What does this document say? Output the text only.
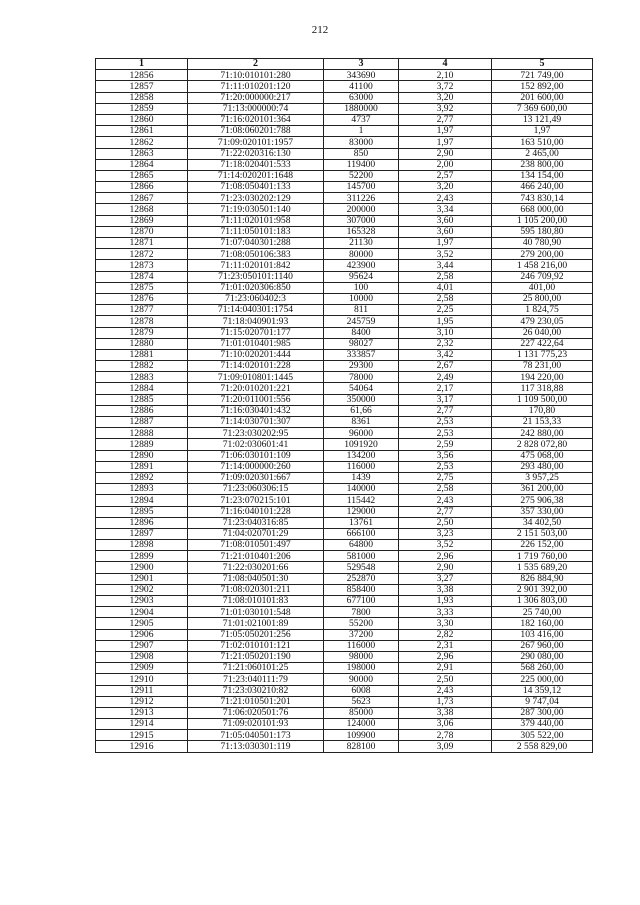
212
1	2	3	4	5
12856	71:10:010101:280	343690	2,10	721 749,00
12857	71:11:010201:120	41100	3,72	152 892,00
12858	71:20:000000:217	63000	3,20	201 600,00
12859	71:13:000000:74	1880000	3,92	7 369 600,00
12860	71:16:020101:364	4737	2,77	13 121,49
12861	71:08:060201:788	1	1,97	1,97
12862	71:09:020101:1957	83000	1,97	163 510,00
12863	71:22:020316:130	850	2,90	2 465,00
12864	71:18:020401:533	119400	2,00	238 800,00
12865	71:14:020201:1648	52200	2,57	134 154,00
12866	71:08:050401:133	145700	3,20	466 240,00
12867	71:23:030202:129	311226	2,43	743 830,14
12868	71:19:030501:140	200000	3,34	668 000,00
12869	71:11:020101:958	307000	3,60	1 105 200,00
12870	71:11:050101:183	165328	3,60	595 180,80
12871	71:07:040301:288	21130	1,97	40 780,90
12872	71:08:050106:383	80000	3,52	279 200,00
12873	71:11:020101:842	423900	3,44	1 458 216,00
12874	71:23:050101:1140	95624	2,58	246 709,92
12875	71:01:020306:850	100	4,01	401,00
12876	71:23:060402:3	10000	2,58	25 800,00
12877	71:14:040301:1754	811	2,25	1 824,75
12878	71:18:040901:93	245759	1,95	479 230,05
12879	71:15:020701:177	8400	3,10	26 040,00
12880	71:01:010401:985	98027	2,32	227 422,64
12881	71:10:020201:444	333857	3,42	1 131 775,23
12882	71:14:020101:228	29300	2,67	78 231,00
12883	71:09:010801:1445	78000	2,49	194 220,00
12884	71:20:010201:221	54064	2,17	117 318,88
12885	71:20:011001:556	350000	3,17	1 109 500,00
12886	71:16:030401:432	61,66	2,77	170,80
12887	71:14:030701:307	8361	2,53	21 153,33
12888	71:23:030202:95	96000	2,53	242 880,00
12889	71:02:030601:41	1091920	2,59	2 828 072,80
12890	71:06:030101:109	134200	3,56	475 068,00
12891	71:14:000000:260	116000	2,53	293 480,00
12892	71:09:020301:667	1439	2,75	3 957,25
12893	71:23:060306:15	140000	2,58	361 200,00
12894	71:23:070215:101	115442	2,43	275 906,38
12895	71:16:040101:228	129000	2,77	357 330,00
12896	71:23:040316:85	13761	2,50	34 402,50
12897	71:04:020701:29	666100	3,23	2 151 503,00
12898	71:08:010501:497	64800	3,52	226 152,00
12899	71:21:010401:206	581000	2,96	1 719 760,00
12900	71:22:030201:66	529548	2,90	1 535 689,20
12901	71:08:040501:30	252870	3,27	826 884,90
12902	71:08:020301:211	858400	3,38	2 901 392,00
12903	71:08:010101:83	677100	1,93	1 306 803,00
12904	71:01:030101:548	7800	3,33	25 740,00
12905	71:01:021001:89	55200	3,30	182 160,00
12906	71:05:050201:256	37200	2,82	103 416,00
12907	71:02:010101:121	116000	2,31	267 960,00
12908	71:21:050201:190	98000	2,96	290 080,00
12909	71:21:060101:25	198000	2,91	568 260,00
12910	71:23:040111:79	90000	2,50	225 000,00
12911	71:23:030210:82	6008	2,43	14 359,12
12912	71:21:010501:201	5623	1,73	9 747,04
12913	71:06:020501:76	85000	3,38	287 300,00
12914	71:09:020101:93	124000	3,06	379 440,00
12915	71:05:040501:173	109900	2,78	305 522,00
12916	71:13:030301:119	828100	3,09	2 558 829,00
